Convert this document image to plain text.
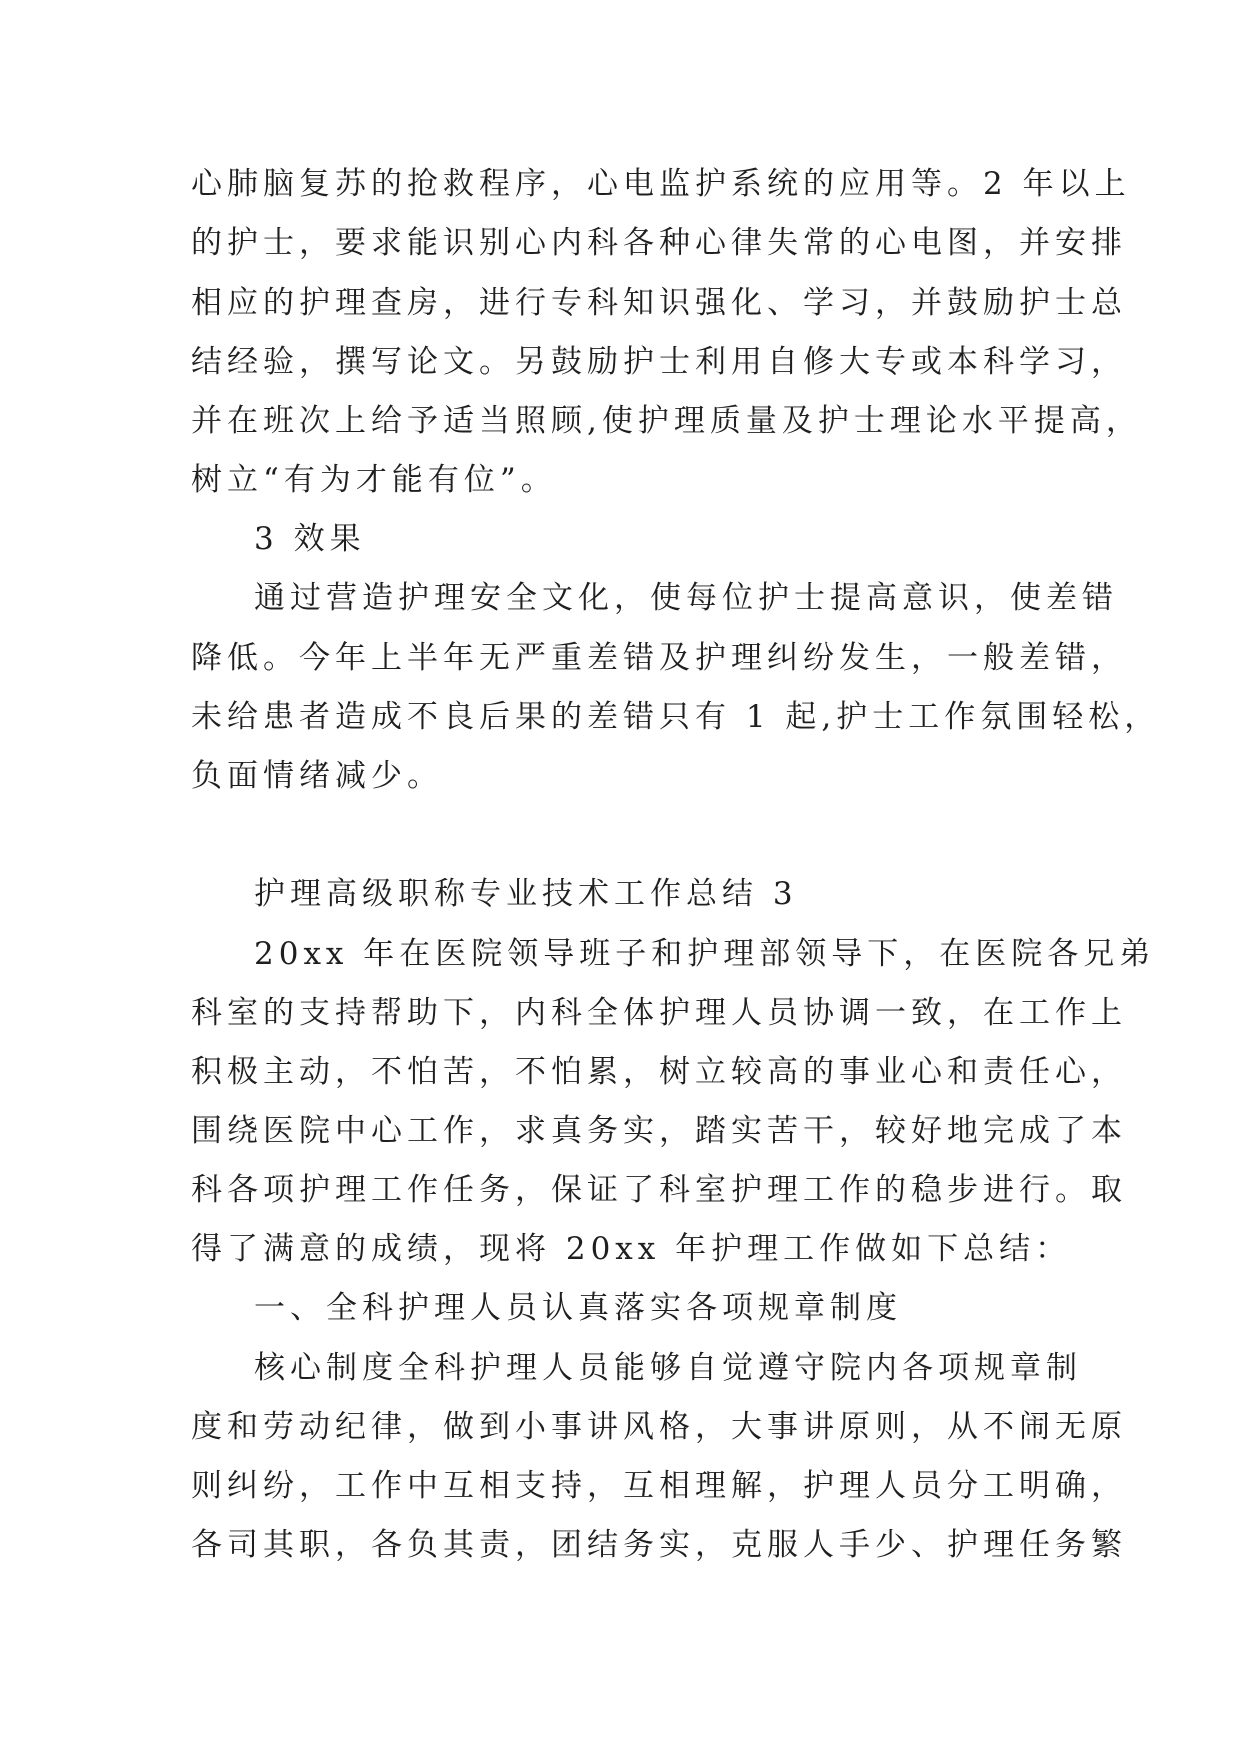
心肺脑复苏的抢救程序，心电监护系统的应用等。2 年以上
的护士，要求能识别心内科各种心律失常的心电图，并安排
相应的护理查房，进行专科知识强化、学习，并鼓励护士总
结经验，撰写论文。另鼓励护士利用自修大专或本科学习，
并在班次上给予适当照顾,使护理质量及护士理论水平提高，
树立“有为才能有位”。
3 效果
通过营造护理安全文化，使每位护士提高意识，使差错
降低。今年上半年无严重差错及护理纠纷发生，一般差错，
未给患者造成不良后果的差错只有 1 起,护士工作氛围轻松，
负面情绪减少。
护理高级职称专业技术工作总结 3
20xx 年在医院领导班子和护理部领导下，在医院各兄弟
科室的支持帮助下，内科全体护理人员协调一致，在工作上
积极主动，不怕苦，不怕累，树立较高的事业心和责任心，
围绕医院中心工作，求真务实，踏实苦干，较好地完成了本
科各项护理工作任务，保证了科室护理工作的稳步进行。取
得了满意的成绩，现将 20xx 年护理工作做如下总结：
一、全科护理人员认真落实各项规章制度
核心制度全科护理人员能够自觉遵守院内各项规章制
度和劳动纪律，做到小事讲风格，大事讲原则，从不闹无原
则纠纷，工作中互相支持，互相理解，护理人员分工明确，
各司其职，各负其责，团结务实，克服人手少、护理任务繁
